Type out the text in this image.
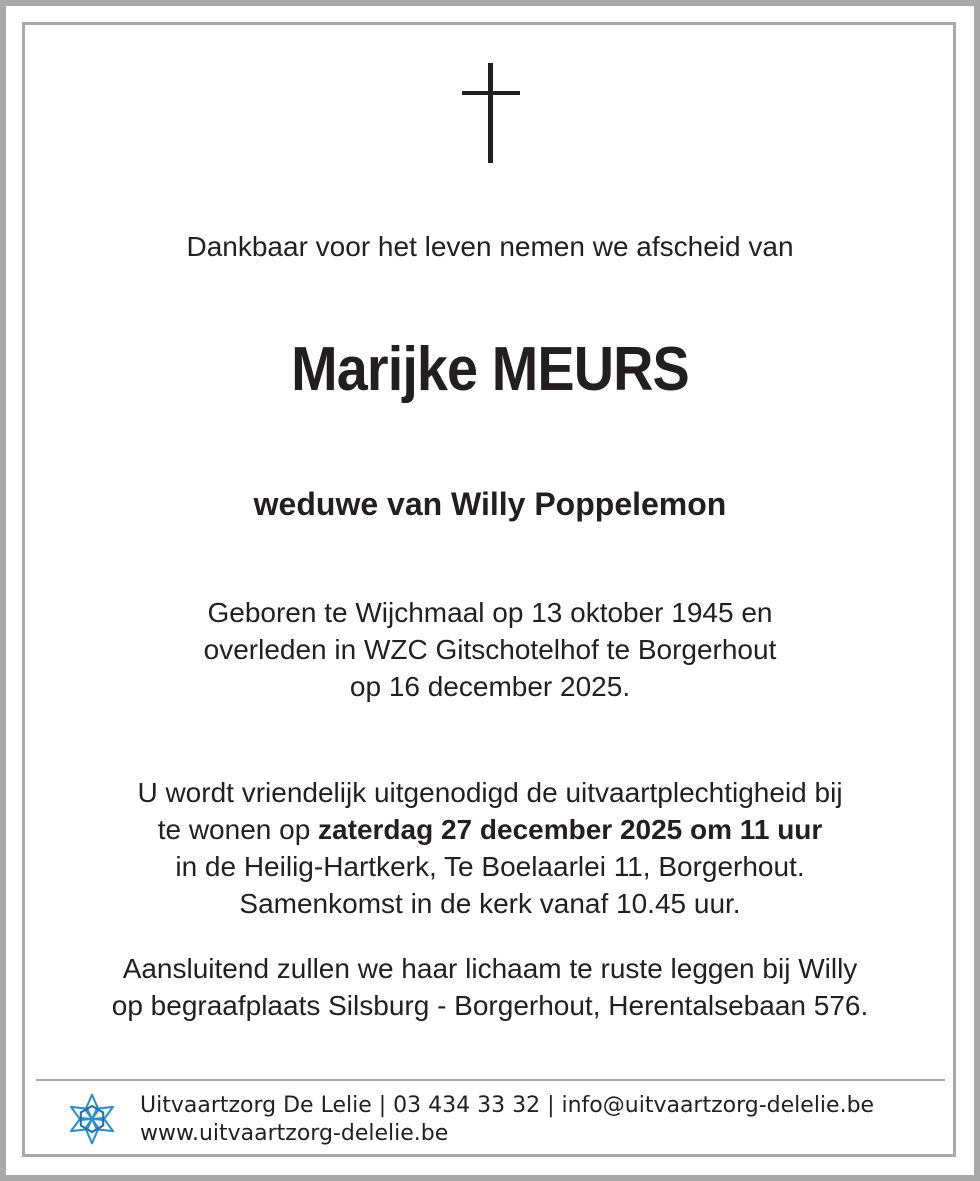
Dankbaar voor het leven nemen we afscheid van
Marijke MEURS
weduwe van Willy Poppelemon
Geboren te Wijchmaal op 13 oktober 1945 en
overleden in WZC Gitschotelhof te Borgerhout
op 16 december 2025.
U wordt vriendelijk uitgenodigd de uitvaartplechtigheid bij
te wonen op zaterdag 27 december 2025 om 11 uur
in de Heilig-Hartkerk, Te Boelaarlei 11, Borgerhout.
Samenkomst in de kerk vanaf 10.45 uur.
Aansluitend zullen we haar lichaam te ruste leggen bij Willy
op begraafplaats Silsburg - Borgerhout, Herentalsebaan 576.
Uitvaartzorg De Lelie | 03 434 33 32 | info@uitvaartzorg-delelie.be
www.uitvaartzorg-delelie.be
